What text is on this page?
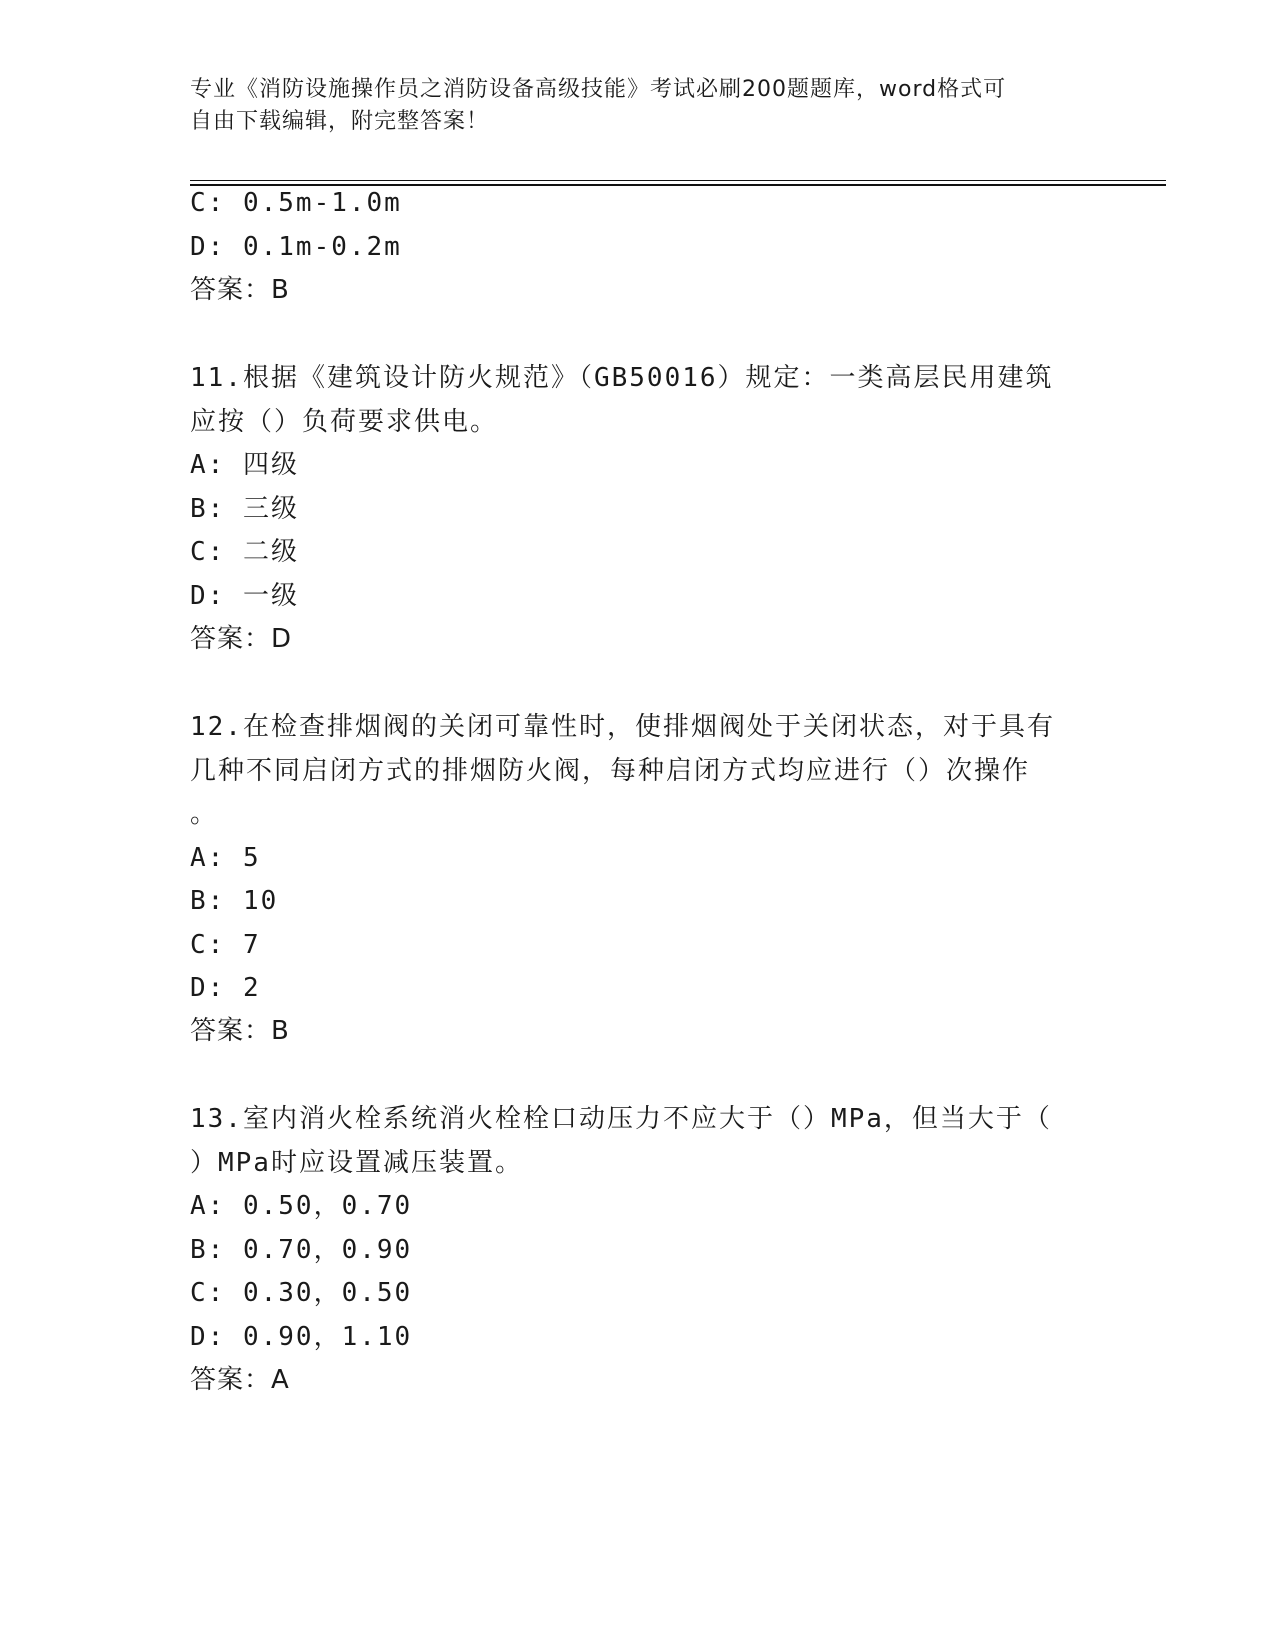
专业《消防设施操作员之消防设备高级技能》考试必刷200题题库，word格式可
自由下载编辑，附完整答案！
C: 0.5m-1.0m
D: 0.1m-0.2m
答案：B
11.根据《建筑设计防火规范》（GB50016）规定：一类高层民用建筑
应按（）负荷要求供电。
A: 四级
B: 三级
C: 二级
D: 一级
答案：D
12.在检查排烟阀的关闭可靠性时，使排烟阀处于关闭状态，对于具有
几种不同启闭方式的排烟防火阀，每种启闭方式均应进行（）次操作
。
A: 5
B: 10
C: 7
D: 2
答案：B
13.室内消火栓系统消火栓栓口动压力不应大于（）MPa，但当大于（
）MPa时应设置减压装置。
A: 0.50，0.70
B: 0.70，0.90
C: 0.30，0.50
D: 0.90，1.10
答案：A
